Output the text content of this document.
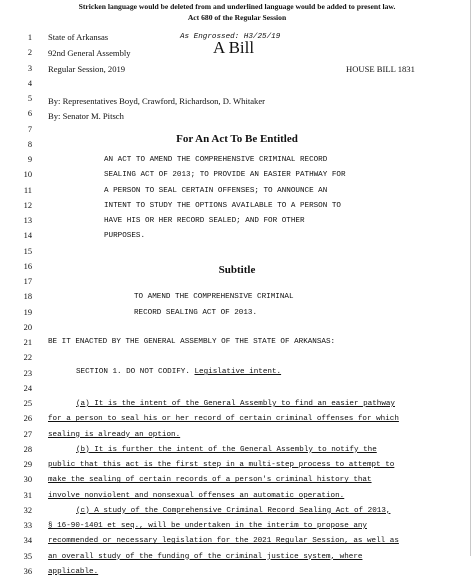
Stricken language would be deleted from and underlined language would be added to present law.
Act 680 of the Regular Session
1
2
3
4
5
6
7
8
9
10
11
12
13
14
15
16
17
18
19
20
21
22
23
24
25
26
27
28
29
30
31
32
33
34
35
36
State of Arkansas	As Engrossed: H3/25/19
92nd General Assembly	A Bill
Regular Session, 2019	HOUSE BILL 1831
By: Representatives Boyd, Crawford, Richardson, D. Whitaker
By: Senator M. Pitsch
For An Act To Be Entitled
AN ACT TO AMEND THE COMPREHENSIVE CRIMINAL RECORD
SEALING ACT OF 2013; TO PROVIDE AN EASIER PATHWAY FOR
A PERSON TO SEAL CERTAIN OFFENSES; TO ANNOUNCE AN
INTENT TO STUDY THE OPTIONS AVAILABLE TO A PERSON TO
HAVE HIS OR HER RECORD SEALED; AND FOR OTHER
PURPOSES.
Subtitle
TO AMEND THE COMPREHENSIVE CRIMINAL
RECORD SEALING ACT OF 2013.
BE IT ENACTED BY THE GENERAL ASSEMBLY OF THE STATE OF ARKANSAS:
SECTION 1. DO NOT CODIFY. Legislative intent.
(a) It is the intent of the General Assembly to find an easier pathway
for a person to seal his or her record of certain criminal offenses for which
sealing is already an option.
(b) It is further the intent of the General Assembly to notify the
public that this act is the first step in a multi-step process to attempt to
make the sealing of certain records of a person's criminal history that
involve nonviolent and nonsexual offenses an automatic operation.
(c) A study of the Comprehensive Criminal Record Sealing Act of 2013,
§ 16-90-1401 et seq., will be undertaken in the interim to propose any
recommended or necessary legislation for the 2021 Regular Session, as well as
an overall study of the funding of the criminal justice system, where
applicable.
